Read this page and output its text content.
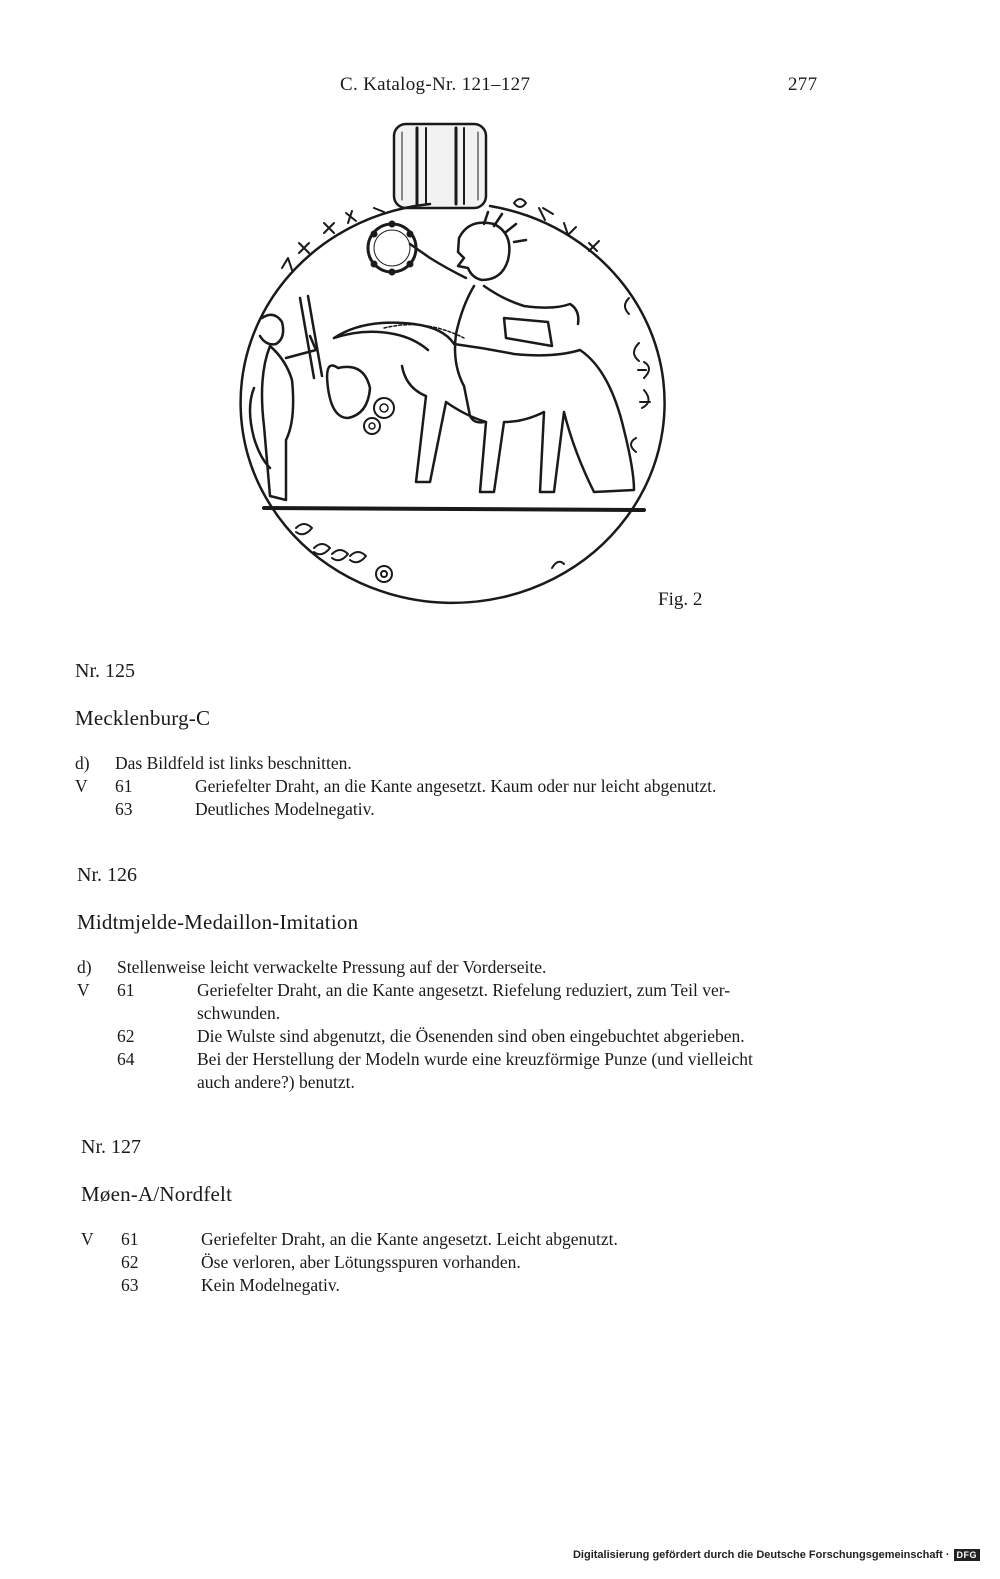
C. Katalog-Nr. 121–127	277
Fig. 2
Nr. 125
Mecklenburg-C
d)	Das Bildfeld ist links beschnitten.
V	61	Geriefelter Draht, an die Kante angesetzt. Kaum oder nur leicht abgenutzt.
63	Deutliches Modelnegativ.
Nr. 126
Midtmjelde-Medaillon-Imitation
d)	Stellenweise leicht verwackelte Pressung auf der Vorderseite.
V	61	Geriefelter Draht, an die Kante angesetzt. Riefelung reduziert, zum Teil ver-
schwunden.
62	Die Wulste sind abgenutzt, die Ösenenden sind oben eingebuchtet abgerieben.
64	Bei der Herstellung der Modeln wurde eine kreuzförmige Punze (und vielleicht
auch andere?) benutzt.
Nr. 127
Møen-A/Nordfelt
V	61	Geriefelter Draht, an die Kante angesetzt. Leicht abgenutzt.
62	Öse verloren, aber Lötungsspuren vorhanden.
63	Kein Modelnegativ.
Digitalisierung gefördert durch die Deutsche Forschungsgemeinschaft · DFG
